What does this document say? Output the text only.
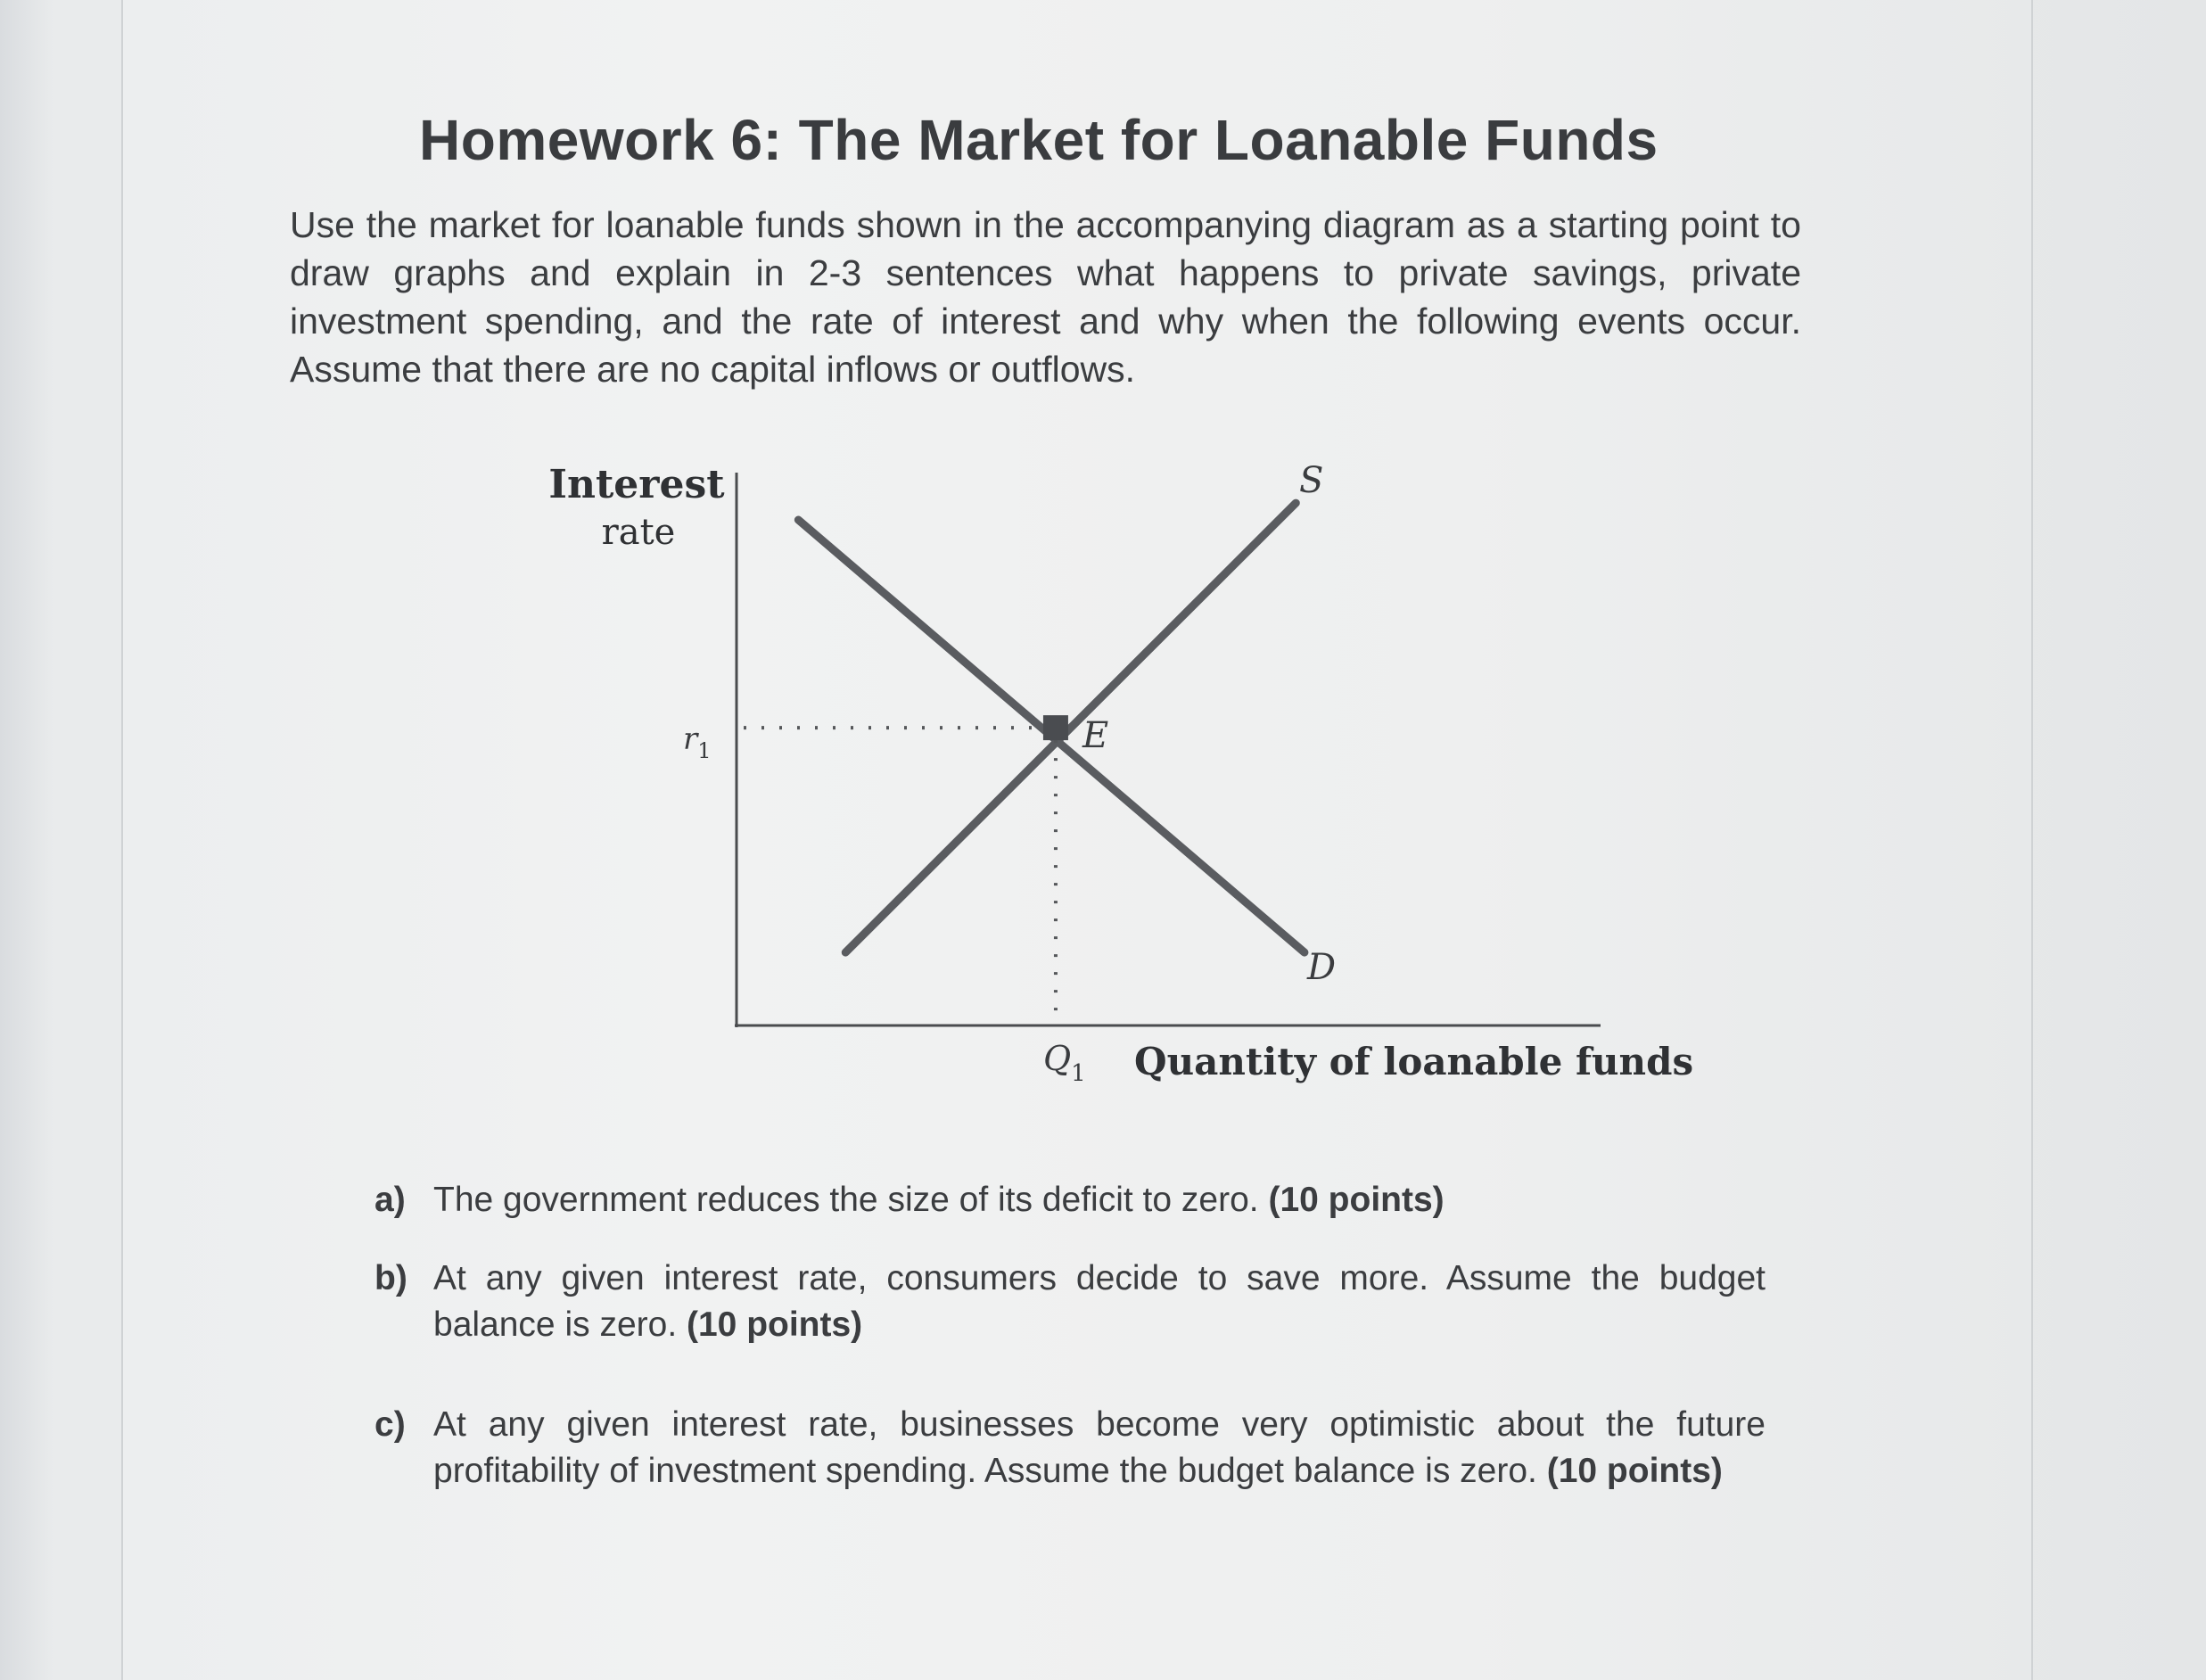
Homework 6: The Market for Loanable Funds

Use the market for loanable funds shown in the accompanying diagram as a starting point to draw graphs and explain in 2-3 sentences what happens to private savings, private investment spending, and the rate of interest and why when the following events occur. Assume that there are no capital inflows or outflows.

Interest
rate
Quantity of loanable funds
$r_1$
$Q_1$
S
D
E
a) The government reduces the size of its deficit to zero. (10 points)
b) At any given interest rate, consumers decide to save more. Assume the budget balance is zero. (10 points)
c) At any given interest rate, businesses become very optimistic about the future profitability of investment spending. Assume the budget balance is zero. (10 points)
